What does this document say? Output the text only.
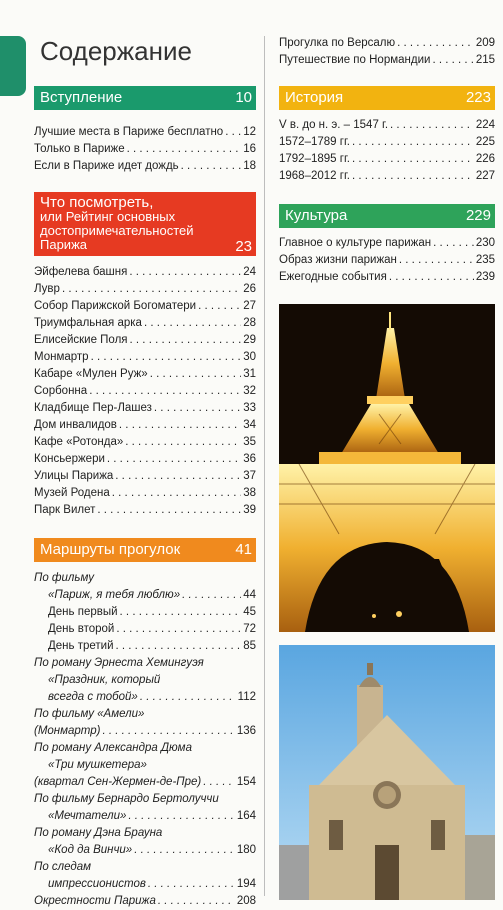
Содержание
Вступление	10
Лучшие места в Париже бесплатно . . . 12
Только в Париже . . .	16
Если в Париже идет дождь . . .	18
Что посмотреть,
или Рейтинг основных
достопримечательностей
Парижа	23
Эйфелева башня . . .	24
Лувр . . .	26
Собор Парижской Богоматери . . .	27
Триумфальная арка . . .	28
Елисейские Поля . . .	29
Монмартр . . .	30
Кабаре «Мулен Руж» . . .	31
Сорбонна . . .	32
Кладбище Пер-Лашез . . .	33
Дом инвалидов . . .	34
Кафе «Ротонда» . . .	35
Консьержери . . .	36
Улицы Парижа . . .	37
Музей Родена . . .	38
Парк Вилет . . .	39
Маршруты прогулок	41
По фильму
«Париж, я тебя люблю» . . .	44
День первый . . .	45
День второй . . .	72
День третий . . .	85
По роману Эрнеста Хемингуэя
«Праздник, который
всегда с тобой» . . .	112
По фильму «Амели»
(Монмартр) . . .	136
По роману Александра Дюма
«Три мушкетера»
(квартал Сен-Жермен-де-Пре) . . .	154
По фильму Бернардо Бертолуччи
«Мечтатели» . . .	164
По роману Дэна Брауна
«Код да Винчи» . . .	180
По следам
импрессионистов . . .	194
Окрестности Парижа . . .	208
Прогулка по Версалю . . .	209
Путешествие по Нормандии . . .	215
История	223
V в. до н. э. – 1547 г. . . .	224
1572–1789 гг. . . .	225
1792–1895 гг. . . .	226
1968–2012 гг. . . .	227
Культура	229
Главное о культуре парижан . . .	230
Образ жизни парижан . . .	235
Ежегодные события . . .	239
